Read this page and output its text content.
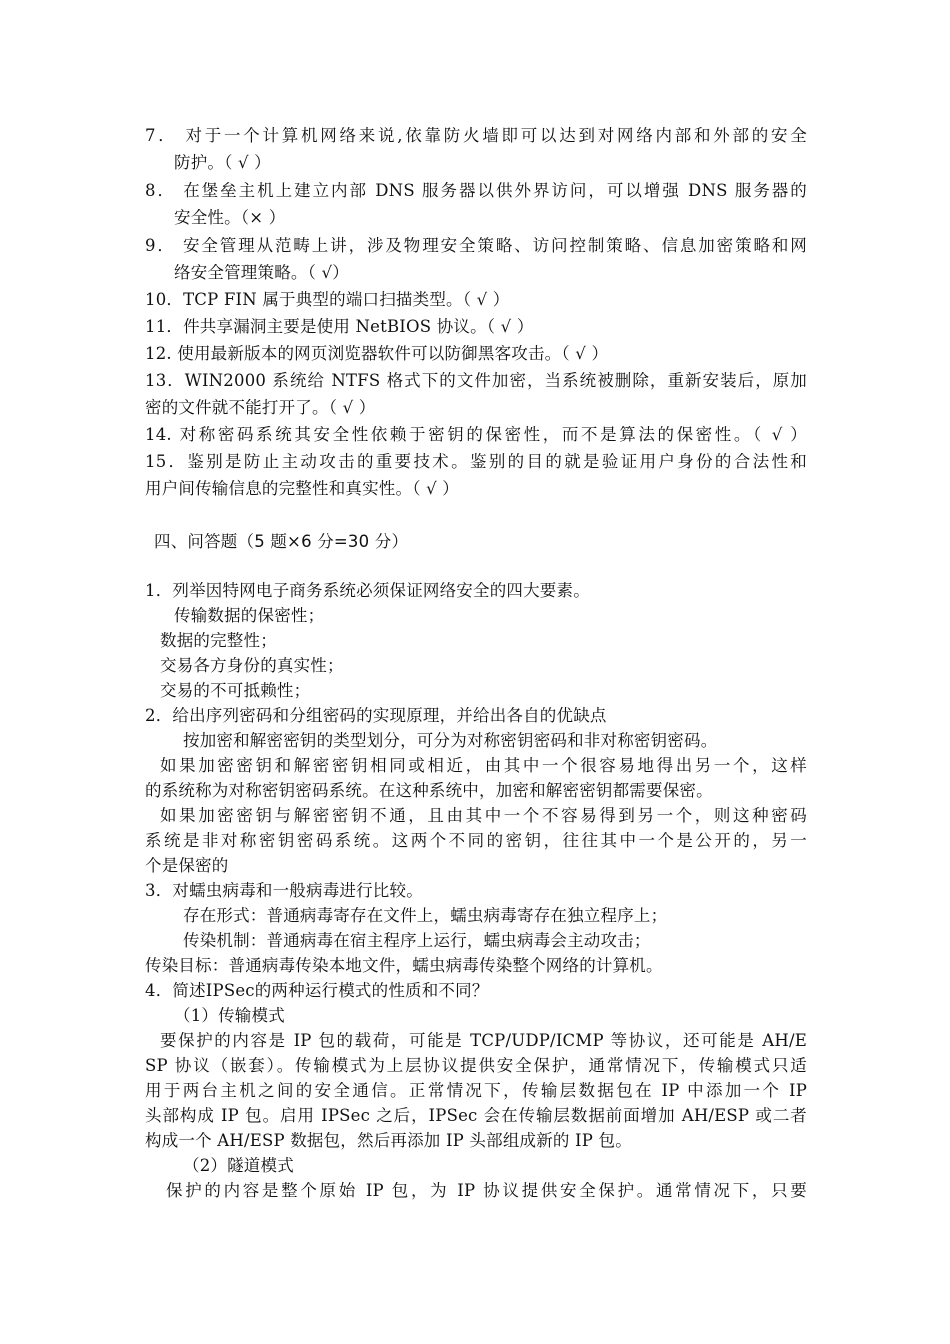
7． 对于一个计算机网络来说,依靠防火墙即可以达到对网络内部和外部的安全
防护。（ √ ）
8． 在堡垒主机上建立内部 DNS 服务器以供外界访问，可以增强 DNS 服务器的
安全性。（× ）
9． 安全管理从范畴上讲，涉及物理安全策略、访问控制策略、信息加密策略和网
络安全管理策略。（ √）
10．TCP FIN 属于典型的端口扫描类型。（ √ ）
11．件共享漏洞主要是使用 NetBIOS 协议。（ √ ）
12. 使用最新版本的网页浏览器软件可以防御黑客攻击。（ √ ）
13．WIN2000 系统给 NTFS 格式下的文件加密，当系统被删除，重新安装后，原加
密的文件就不能打开了。（ √ ）
14. 对称密码系统其安全性依赖于密钥的保密性，而不是算法的保密性。（ √ ）
15．鉴别是防止主动攻击的重要技术。鉴别的目的就是验证用户身份的合法性和
用户间传输信息的完整性和真实性。（ √ ）
四、问答题（5 题×6 分=30 分）
1．列举因特网电子商务系统必须保证网络安全的四大要素。
传输数据的保密性；
数据的完整性；
交易各方身份的真实性；
交易的不可抵赖性；
2．给出序列密码和分组密码的实现原理，并给出各自的优缺点
按加密和解密密钥的类型划分，可分为对称密钥密码和非对称密钥密码。
如果加密密钥和解密密钥相同或相近，由其中一个很容易地得出另一个，这样
的系统称为对称密钥密码系统。在这种系统中，加密和解密密钥都需要保密。
如果加密密钥与解密密钥不通，且由其中一个不容易得到另一个，则这种密码
系统是非对称密钥密码系统。这两个不同的密钥，往往其中一个是公开的，另一
个是保密的
3．对蠕虫病毒和一般病毒进行比较。
存在形式：普通病毒寄存在文件上，蠕虫病毒寄存在独立程序上；
传染机制：普通病毒在宿主程序上运行，蠕虫病毒会主动攻击；
传染目标：普通病毒传染本地文件，蠕虫病毒传染整个网络的计算机。
4．简述IPSec的两种运行模式的性质和不同？
（1）传输模式
要保护的内容是 IP 包的载荷，可能是 TCP/UDP/ICMP 等协议，还可能是 AH/E
SP 协议（嵌套）。传输模式为上层协议提供安全保护，通常情况下，传输模式只适
用于两台主机之间的安全通信。正常情况下，传输层数据包在 IP 中添加一个 IP
头部构成 IP 包。启用 IPSec 之后，IPSec 会在传输层数据前面增加 AH/ESP 或二者
构成一个 AH/ESP 数据包，然后再添加 IP 头部组成新的 IP 包。
（2）隧道模式
保护的内容是整个原始 IP 包，为 IP 协议提供安全保护。通常情况下，只要
